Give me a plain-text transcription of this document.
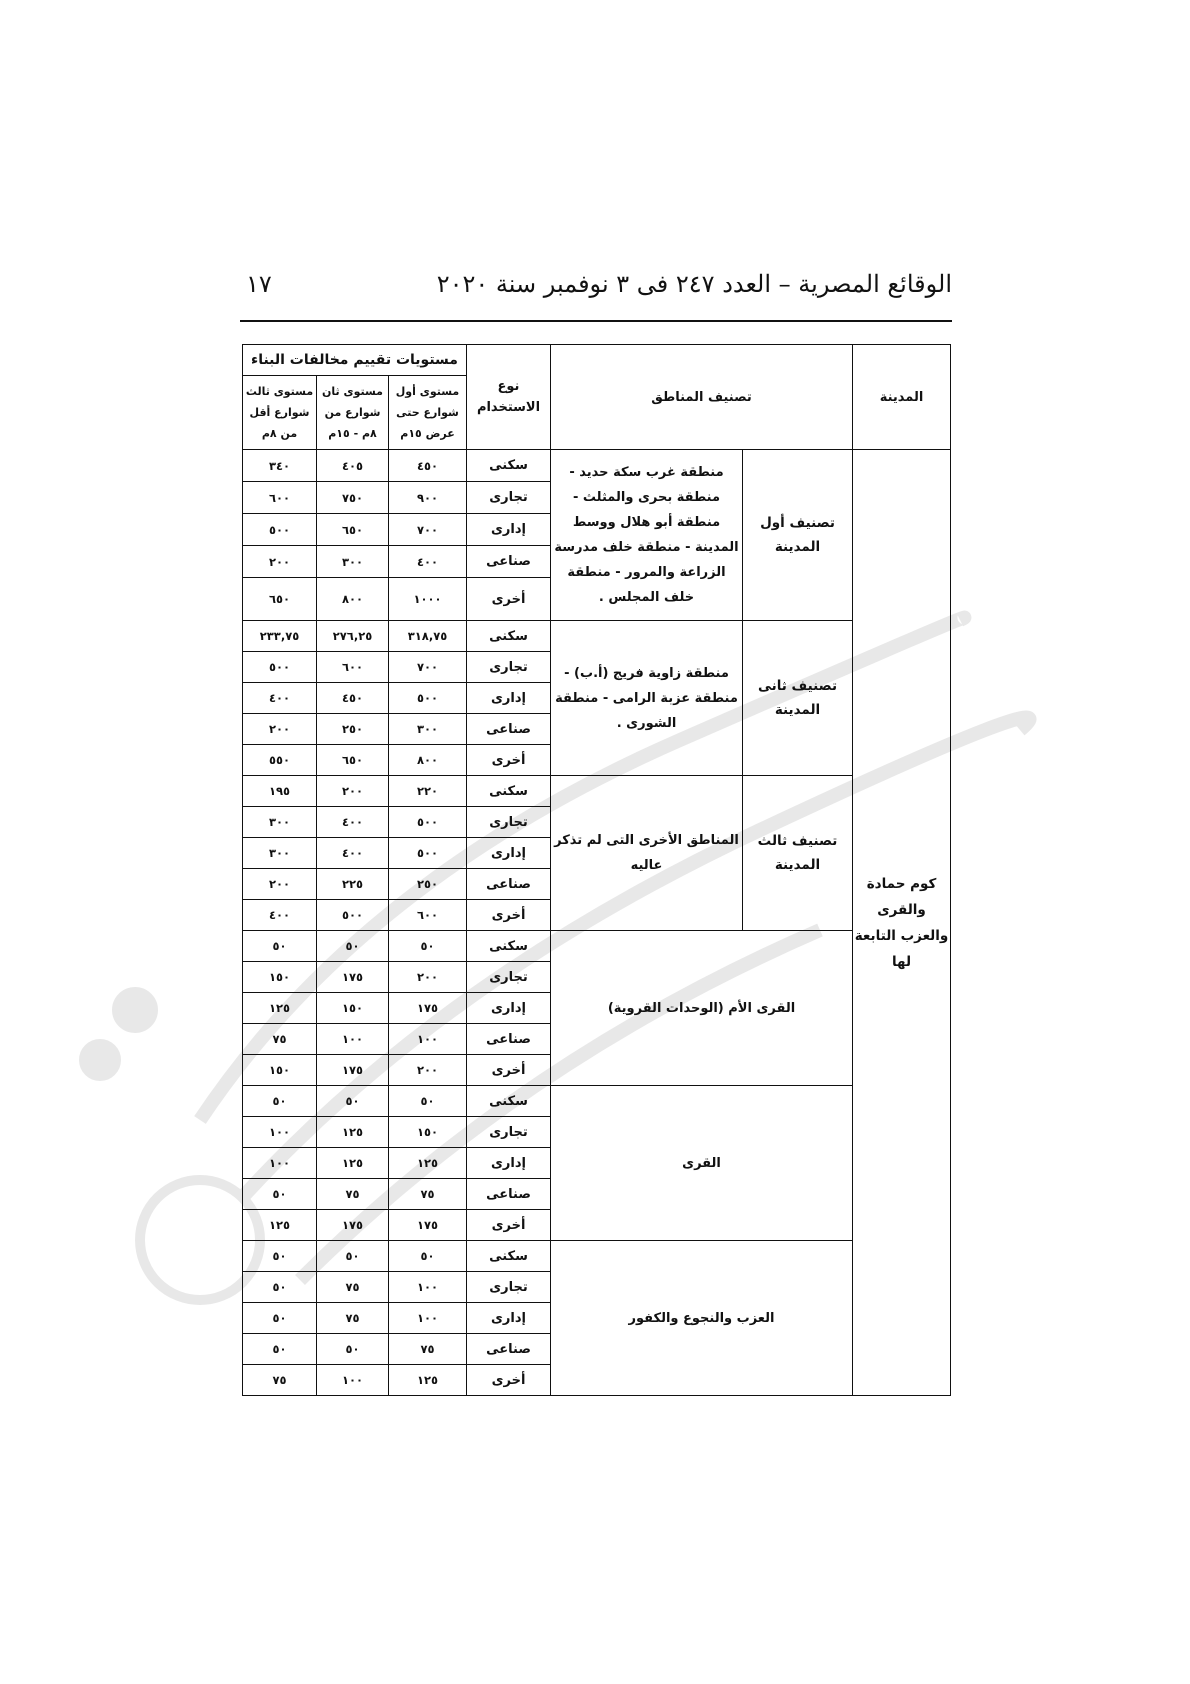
الوقائع المصرية – العدد ٢٤٧ فى ٣ نوفمبر سنة ٢٠٢٠
١٧
المدينة	تصنيف المناطق		نوع الاستخدام	مستويات تقييم مخالفات البناء		
				مستوى أول شوارع حتى عرض ١٥م	مستوى ثان شوارع من ٨م - ١٥م	مستوى ثالث شوارع أقل من ٨م
كوم حمادة والقرى والعزب التابعة لها	تصنيف أول المدينة	منطقة غرب سكة حديد - منطقة بحرى والمثلث - منطقة أبو هلال ووسط المدينة - منطقة خلف مدرسة الزراعة والمرور - منطقة خلف المجلس .	سكنى	٤٥٠	٤٠٥	٣٤٠
			تجارى	٩٠٠	٧٥٠	٦٠٠
			إدارى	٧٠٠	٦٥٠	٥٠٠
			صناعى	٤٠٠	٣٠٠	٢٠٠
			أخرى	١٠٠٠	٨٠٠	٦٥٠
	تصنيف ثانى المدينة	منطقة زاوية فريج (أ.ب) - منطقة عزبة الرامى - منطقة الشورى .	سكنى	٣١٨,٧٥	٢٧٦,٢٥	٢٣٣,٧٥
			تجارى	٧٠٠	٦٠٠	٥٠٠
			إدارى	٥٠٠	٤٥٠	٤٠٠
			صناعى	٣٠٠	٢٥٠	٢٠٠
			أخرى	٨٠٠	٦٥٠	٥٥٠
	تصنيف ثالث المدينة	المناطق الأخرى التى لم تذكر عاليه	سكنى	٢٢٠	٢٠٠	١٩٥
			تجارى	٥٠٠	٤٠٠	٣٠٠
			إدارى	٥٠٠	٤٠٠	٣٠٠
			صناعى	٢٥٠	٢٢٥	٢٠٠
			أخرى	٦٠٠	٥٠٠	٤٠٠
	القرى الأم (الوحدات القروية)		سكنى	٥٠	٥٠	٥٠
			تجارى	٢٠٠	١٧٥	١٥٠
			إدارى	١٧٥	١٥٠	١٢٥
			صناعى	١٠٠	١٠٠	٧٥
			أخرى	٢٠٠	١٧٥	١٥٠
	القرى		سكنى	٥٠	٥٠	٥٠
			تجارى	١٥٠	١٢٥	١٠٠
			إدارى	١٢٥	١٢٥	١٠٠
			صناعى	٧٥	٧٥	٥٠
			أخرى	١٧٥	١٧٥	١٢٥
	العزب والنجوع والكفور		سكنى	٥٠	٥٠	٥٠
			تجارى	١٠٠	٧٥	٥٠
			إدارى	١٠٠	٧٥	٥٠
			صناعى	٧٥	٥٠	٥٠
			أخرى	١٢٥	١٠٠	٧٥
